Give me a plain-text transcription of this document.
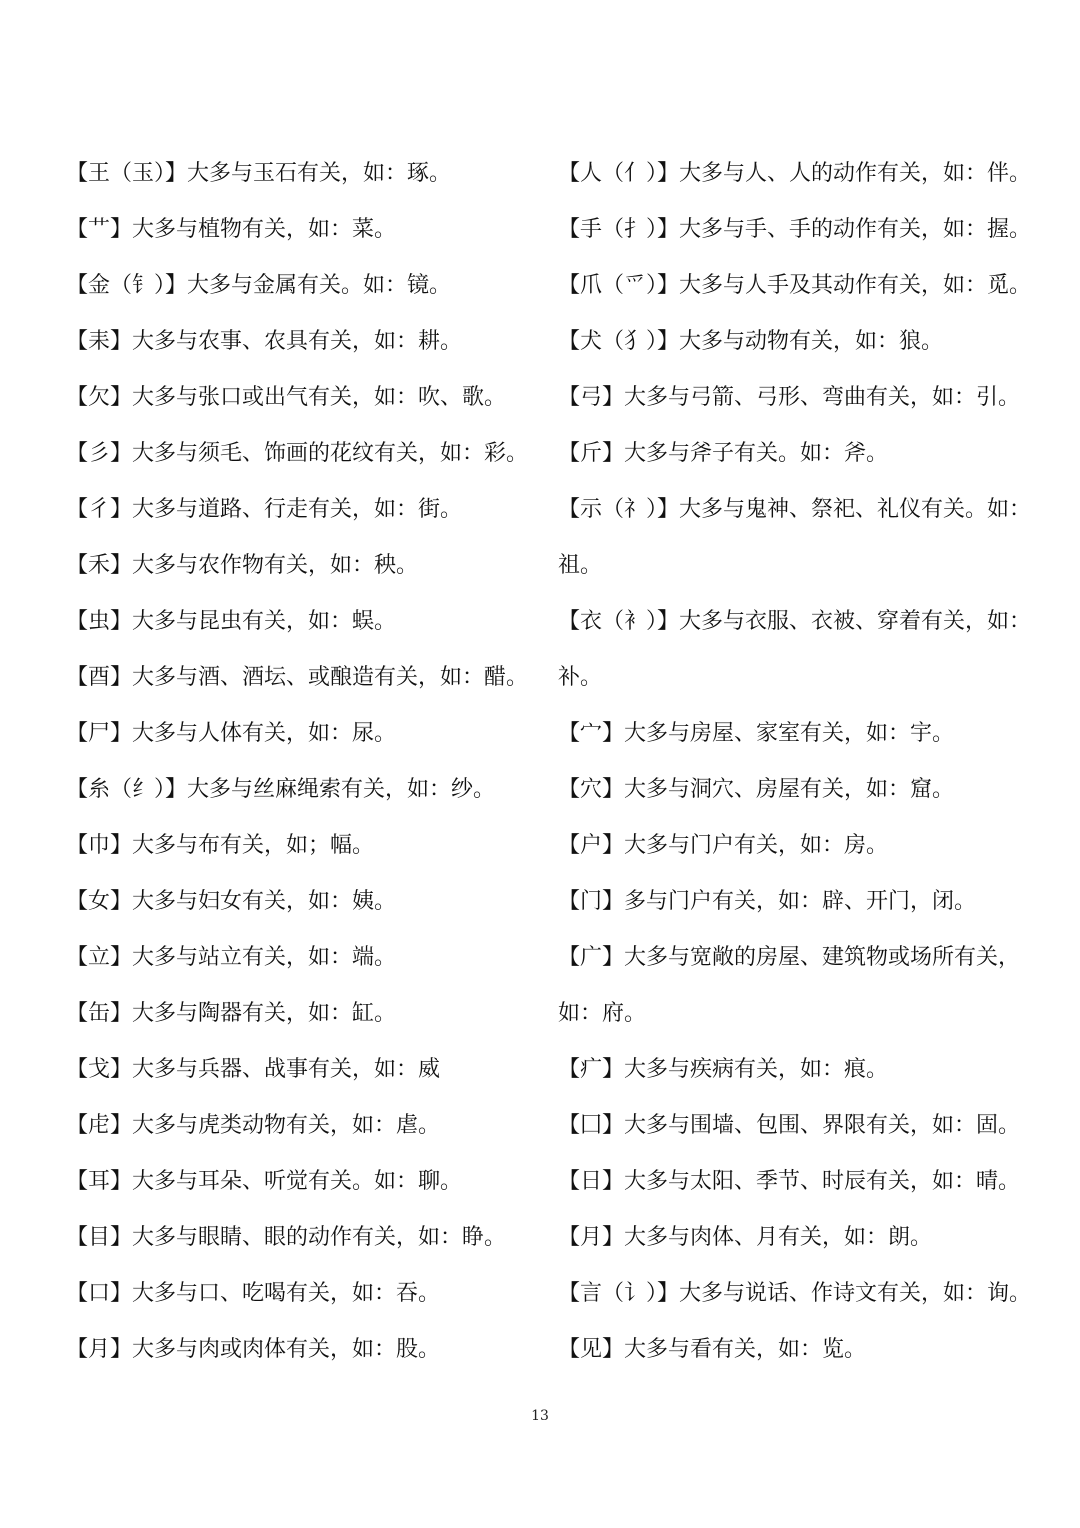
【王（玉）】大多与玉石有关，如：琢。
【艹】大多与植物有关，如：菜。
【金（钅）】大多与金属有关。如：镜。
【耒】大多与农事、农具有关，如：耕。
【欠】大多与张口或出气有关，如：吹、歌。
【彡】大多与须毛、饰画的花纹有关，如：彩。
【彳】大多与道路、行走有关，如：街。
【禾】大多与农作物有关，如：秧。
【虫】大多与昆虫有关，如：蜈。
【酉】大多与酒、酒坛、或酿造有关，如：醋。
【尸】大多与人体有关，如：尿。
【糸（纟）】大多与丝麻绳索有关，如：纱。
【巾】大多与布有关，如；幅。
【女】大多与妇女有关，如：姨。
【立】大多与站立有关，如：端。
【缶】大多与陶器有关，如：缸。
【戈】大多与兵器、战事有关，如：威
【虍】大多与虎类动物有关，如：虐。
【耳】大多与耳朵、听觉有关。如：聊。
【目】大多与眼睛、眼的动作有关，如：睁。
【口】大多与口、吃喝有关，如：吞。
【月】大多与肉或肉体有关，如：股。
【人（亻）】大多与人、人的动作有关，如：伴。
【手（扌）】大多与手、手的动作有关，如：握。
【爪（爫）】大多与人手及其动作有关，如：觅。
【犬（犭）】大多与动物有关，如：狼。
【弓】大多与弓箭、弓形、弯曲有关，如：引。
【斤】大多与斧子有关。如：斧。
【示（礻）】大多与鬼神、祭祀、礼仪有关。如：
祖。
【衣（衤）】大多与衣服、衣被、穿着有关，如：
补。
【宀】大多与房屋、家室有关，如：宇。
【穴】大多与洞穴、房屋有关，如：窟。
【户】大多与门户有关，如：房。
【门】多与门户有关，如：辟、开门，闭。
【广】大多与宽敞的房屋、建筑物或场所有关，
如：府。
【疒】大多与疾病有关，如：痕。
【囗】大多与围墙、包围、界限有关，如：固。
【日】大多与太阳、季节、时辰有关，如：晴。
【月】大多与肉体、月有关，如：朗。
【言（讠）】大多与说话、作诗文有关，如：询。
【见】大多与看有关，如：览。
13
